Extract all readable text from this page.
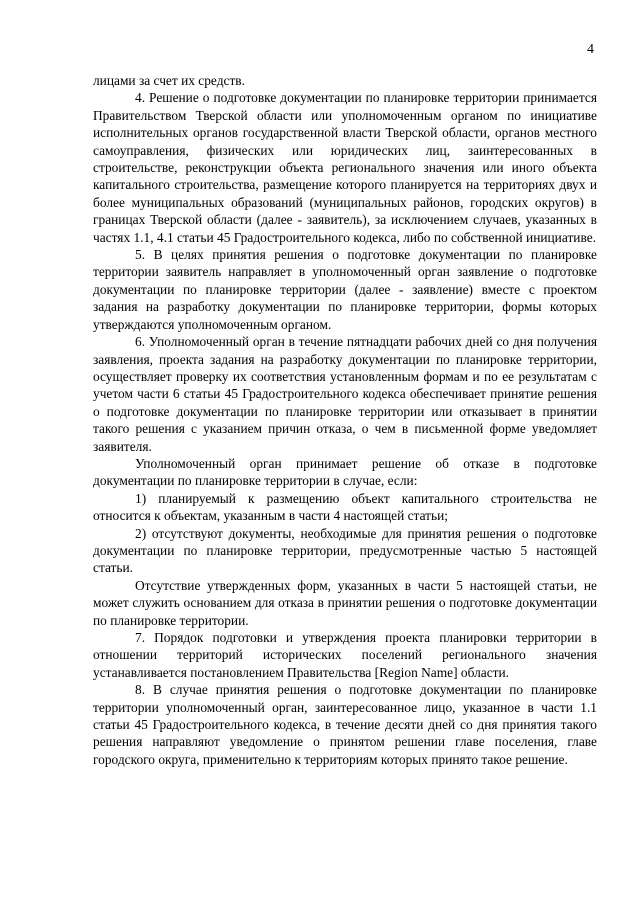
4

лицами за счет их средств.

4. Решение о подготовке документации по планировке территории принимается Правительством Тверской области или уполномоченным органом по инициативе исполнительных органов государственной власти Тверской области, органов местного самоуправления, физических или юридических лиц, заинтересованных в строительстве, реконструкции объекта регионального значения или иного объекта капитального строительства, размещение которого планируется на территориях двух и более муниципальных образований (муниципальных районов, городских округов) в границах Тверской области (далее - заявитель), за исключением случаев, указанных в частях 1.1, 4.1 статьи 45 Градостроительного кодекса, либо по собственной инициативе.

5. В целях принятия решения о подготовке документации по планировке территории заявитель направляет в уполномоченный орган заявление о подготовке документации по планировке территории (далее - заявление) вместе с проектом задания на разработку документации по планировке территории, формы которых утверждаются уполномоченным органом.

6. Уполномоченный орган в течение пятнадцати рабочих дней со дня получения заявления, проекта задания на разработку документации по планировке территории, осуществляет проверку их соответствия установленным формам и по ее результатам с учетом части 6 статьи 45 Градостроительного кодекса обеспечивает принятие решения о подготовке документации по планировке территории или отказывает в принятии такого решения с указанием причин отказа, о чем в письменной форме уведомляет заявителя.

Уполномоченный орган принимает решение об отказе в подготовке документации по планировке территории в случае, если:

1) планируемый к размещению объект капитального строительства не относится к объектам, указанным в части 4 настоящей статьи;

2) отсутствуют документы, необходимые для принятия решения о подготовке документации по планировке территории, предусмотренные частью 5 настоящей статьи.

Отсутствие утвержденных форм, указанных в части 5 настоящей статьи, не может служить основанием для отказа в принятии решения о подготовке документации по планировке территории.

7. Порядок подготовки и утверждения проекта планировки территории в отношении территорий исторических поселений регионального значения устанавливается постановлением Правительства [Region Name] области.

8. В случае принятия решения о подготовке документации по планировке территории уполномоченный орган, заинтересованное лицо, указанное в части 1.1 статьи 45 Градостроительного кодекса, в течение десяти дней со дня принятия такого решения направляют уведомление о принятом решении главе поселения, главе городского округа, применительно к территориям которых принято такое решение.
